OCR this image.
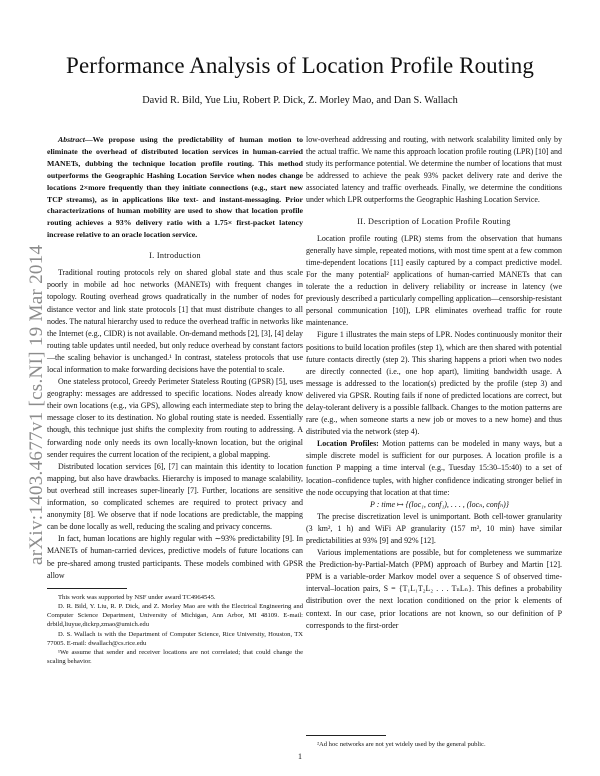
Performance Analysis of Location Profile Routing
David R. Bild, Yue Liu, Robert P. Dick, Z. Morley Mao, and Dan S. Wallach
arXiv:1403.4677v1 [cs.NI] 19 Mar 2014

Abstract—We propose using the predictability of human motion to eliminate the overhead of distributed location services in human-carried MANETs, dubbing the technique location profile routing. This method outperforms the Geographic Hashing Location Service when nodes change locations 2×more frequently than they initiate connections (e.g., start new TCP streams), as in applications like text- and instant-messaging. Prior characterizations of human mobility are used to show that location profile routing achieves a 93% delivery ratio with a 1.75× first-packet latency increase relative to an oracle location service.

I. Introduction

Traditional routing protocols rely on shared global state and thus scale poorly in mobile ad hoc networks (MANETs) with frequent changes in topology. Routing overhead grows quadratically in the number of nodes for distance vector and link state protocols [1] that must distribute changes to all nodes. The natural hierarchy used to reduce the overhead traffic in networks like the Internet (e.g., CIDR) is not available. On-demand methods [2], [3], [4] delay routing table updates until needed, but only reduce overhead by constant factors—the scaling behavior is unchanged.¹ In contrast, stateless protocols that use local information to make forwarding decisions have the potential to scale.

One stateless protocol, Greedy Perimeter Stateless Routing (GPSR) [5], uses geography: messages are addressed to specific locations. Nodes already know their own locations (e.g., via GPS), allowing each intermediate step to bring the message closer to its destination. No global routing state is needed. Essentially though, this technique just shifts the complexity from routing to addressing. A forwarding node only needs its own locally-known location, but the original sender requires the current location of the recipient, a global mapping.

Distributed location services [6], [7] can maintain this identity to location mapping, but also have drawbacks. Hierarchy is imposed to manage scalability, but overhead still increases super-linearly [7]. Further, locations are sensitive information, so complicated schemes are required to protect privacy and anonymity [8]. We observe that if node locations are predictable, the mapping can be done locally as well, reducing the scaling and privacy concerns.

In fact, human locations are highly regular with ∼93% predictability [9]. In MANETs of human-carried devices, predictive models of future locations can be pre-shared among trusted participants. These models combined with GPSR allow

This work was supported by NSF under award TC4964545.

D. R. Bild, Y. Liu, R. P. Dick, and Z. Morley Mao are with the Electrical Engineering and Computer Science Department, University of Michigan, Ann Arbor, MI 48109. E-mail: drbild,liuyue,dickrp,zmao@umich.edu

D. S. Wallach is with the Department of Computer Science, Rice University, Houston, TX 77005. E-mail: dwallach@cs.rice.edu

¹We assume that sender and receiver locations are not correlated; that could change the scaling behavior.

low-overhead addressing and routing, with network scalability limited only by the actual traffic. We name this approach location profile routing (LPR) [10] and study its performance potential. We determine the number of locations that must be addressed to achieve the peak 93% packet delivery rate and derive the associated latency and traffic overheads. Finally, we determine the conditions under which LPR outperforms the Geographic Hashing Location Service.

II. Description of Location Profile Routing

Location profile routing (LPR) stems from the observation that humans generally have simple, repeated motions, with most time spent at a few common time-dependent locations [11] easily captured by a compact predictive model. For the many potential² applications of human-carried MANETs that can tolerate the a reduction in delivery reliability or increase in latency (we previously described a particularly compelling application—censorship-resistant personal communication [10]), LPR eliminates overhead traffic for route maintenance.

Figure 1 illustrates the main steps of LPR. Nodes continuously monitor their positions to build location profiles (step 1), which are then shared with potential future contacts directly (step 2). This sharing happens a priori when two nodes are directly connected (i.e., one hop apart), limiting bandwidth usage. A message is addressed to the location(s) predicted by the profile (step 3) and delivered via GPSR. Routing fails if none of predicted locations are correct, but delay-tolerant delivery is a possible fallback. Changes to the motion patterns are rare (e.g., when someone starts a new job or moves to a new home) and thus distributed via the network (step 4).

Location Profiles: Motion patterns can be modeled in many ways, but a simple discrete model is sufficient for our purposes. A location profile is a function P mapping a time interval (e.g., Tuesday 15:30–15:40) to a set of location–confidence tuples, with higher confidence indicating stronger belief in the node occupying that location at that time:

P : time ↦ {(loc₁, conf₁), . . . , (locₙ, confₙ)}

The precise discretization level is unimportant. Both cell-tower granularity (3 km², 1 h) and WiFi AP granularity (157 m², 10 min) have similar predictabilities at 93% [9] and 92% [12].

Various implementations are possible, but for completeness we summarize the Prediction-by-Partial-Match (PPM) approach of Burbey and Martin [12]. PPM is a variable-order Markov model over a sequence S of observed time-interval–location pairs, S = {T₁L₁T₂L₂ . . . TₙLₙ}. This defines a probability distribution over the next location conditioned on the prior k elements of context. In our case, prior locations are not known, so our definition of P corresponds to the first-order

²Ad hoc networks are not yet widely used by the general public.

1
